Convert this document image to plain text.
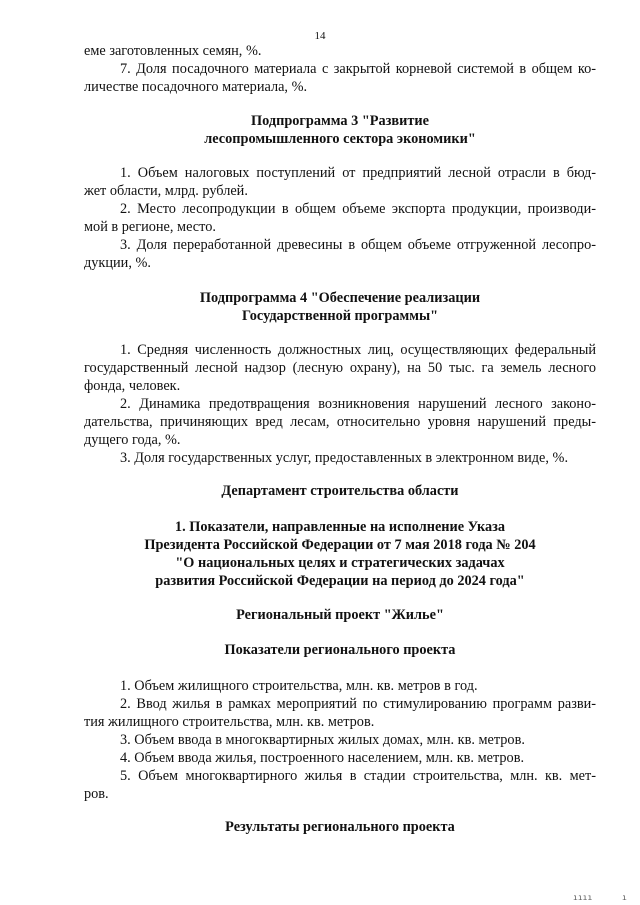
14
еме заготовленных семян, %.
7. Доля посадочного материала с закрытой корневой системой в общем ко-
личестве посадочного материала, %.
Подпрограмма 3 "Развитие
лесопромышленного сектора экономики"
1. Объем налоговых поступлений от предприятий лесной отрасли в бюд-
жет области, млрд. рублей.
2. Место лесопродукции в общем объеме экспорта продукции, производи-
мой в регионе, место.
3. Доля переработанной древесины в общем объеме отгруженной лесопро-
дукции, %.
Подпрограмма 4 "Обеспечение реализации
Государственной программы"
1. Средняя численность должностных лиц, осуществляющих федеральный
государственный лесной надзор (лесную охрану), на 50 тыс. га земель лесного
фонда, человек.
2. Динамика предотвращения возникновения нарушений лесного законо-
дательства, причиняющих вред лесам, относительно уровня нарушений преды-
дущего года, %.
3. Доля государственных услуг, предоставленных в электронном виде, %.
Департамент строительства области
1. Показатели, направленные на исполнение Указа
Президента Российской Федерации от 7 мая 2018 года № 204
"О национальных целях и стратегических задачах
развития Российской Федерации на период до 2024 года"
Региональный проект "Жилье"
Показатели регионального проекта
1. Объем жилищного строительства, млн. кв. метров в год.
2. Ввод жилья в рамках мероприятий по стимулированию программ разви-
тия жилищного строительства, млн. кв. метров.
3. Объем ввода в многоквартирных жилых домах, млн. кв. метров.
4. Объем ввода жилья, построенного населением, млн. кв. метров.
5. Объем многоквартирного жилья в стадии строительства, млн. кв. мет-
ров.
Результаты регионального проекта
ıııı	ı
